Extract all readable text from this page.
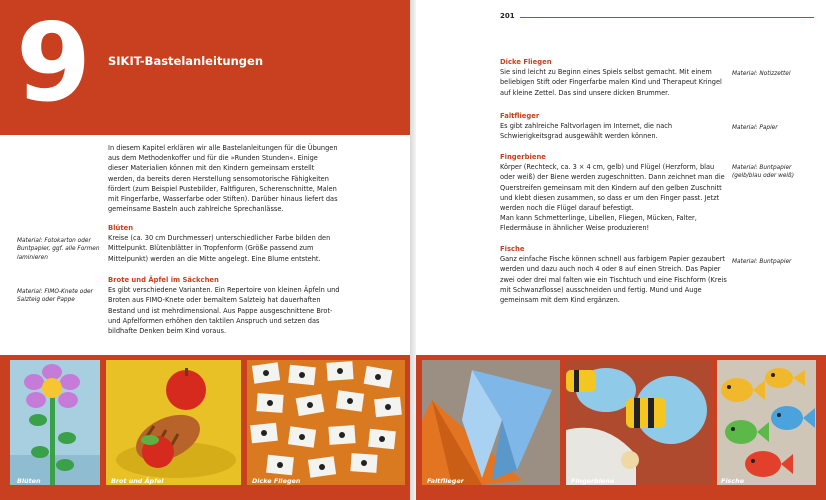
9 SIKIT-Bastelanleitungen

In diesem Kapitel erklären wir alle Bastelanleitungen für die Übungen aus dem Methodenkoffer und für die »Runden Stunden«. Einige dieser Materialien können mit den Kindern gemeinsam erstellt werden, da bereits deren Herstellung sensomotorische Fähigkeiten fördert (zum Beispiel Pustebilder, Faltfiguren, Scherenschnitte, Malen mit Fingerfarbe, Wasserfarbe oder Stiften). Darüber hinaus liefert das gemeinsame Basteln auch zahlreiche Sprechanlässe.

Blüten

Kreise (ca. 30 cm Durchmesser) unterschiedlicher Farbe bilden den Mittelpunkt. Blütenblätter in Tropfenform (Größe passend zum Mittelpunkt) werden an die Mitte angelegt. Eine Blume entsteht.

Material: Fotokarton oder Buntpapier, ggf. alle Formen laminieren
Brote und Äpfel im Säckchen

Es gibt verschiedene Varianten. Ein Repertoire von kleinen Äpfeln und Broten aus FIMO-Knete oder bemaltem Salzteig hat dauerhaften Bestand und ist mehrdimensional. Aus Pappe ausgeschnittene Brot- und Apfelformen erhöhen den taktilen Anspruch und setzen das bildhafte Denken beim Kind voraus.

Material: FIMO-Knete oder Salzteig oder Pappe
201
Dicke Fliegen

Sie sind leicht zu Beginn eines Spiels selbst gemacht. Mit einem beliebigen Stift oder Fingerfarbe malen Kind und Therapeut Kringel auf kleine Zettel. Das sind unsere dicken Brummer.

Material: Notizzettel
Faltflieger

Es gibt zahlreiche Faltvorlagen im Internet, die nach Schwierigkeitsgrad ausgewählt werden können.

Material: Papier
Fingerbiene

Körper (Rechteck, ca. 3 × 4 cm, gelb) und Flügel (Herzform, blau oder weiß) der Biene werden zugeschnitten. Dann zeichnet man die Querstreifen gemeinsam mit den Kindern auf den gelben Zuschnitt und klebt diesen zusammen, so dass er um den Finger passt. Jetzt werden noch die Flügel darauf befestigt.

Man kann Schmetterlinge, Libellen, Fliegen, Mücken, Falter, Fledermäuse in ähnlicher Weise produzieren!

Material: Buntpapier (gelb/blau oder weiß)
Fische

Ganz einfache Fische können schnell aus farbigem Papier gezaubert werden und dazu auch noch 4 oder 8 auf einen Streich. Das Papier zwei oder drei mal falten wie ein Tischtuch und eine Fischform (Kreis mit Schwanzflosse) ausschneiden und fertig. Mund und Auge gemeinsam mit dem Kind ergänzen.

Material: Buntpapier
Blüten	Brot und Äpfel	Dicke Fliegen	Faltflieger	Fingerbiene	Fische
